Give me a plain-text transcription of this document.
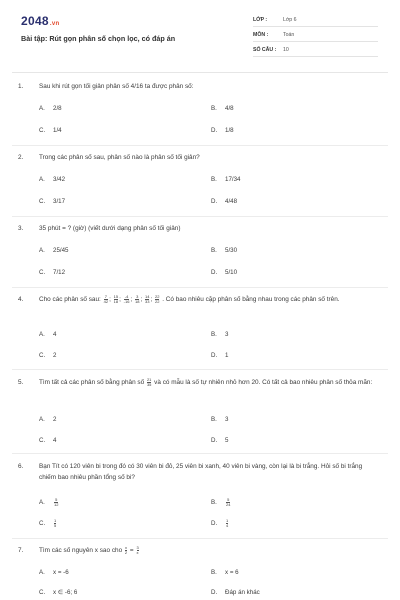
2048.vn
Bài tập: Rút gọn phân số chọn lọc, có đáp án
LỚP :	Lớp 6
MÔN :	Toán
SỐ CÂU : 10
1.	Sau khi rút gọn tối giản phân số 4/16 ta được phân số:
A. 2/8	B. 4/8
C. 1/4	D. 1/8
2.	Trong các phân số sau, phân số nào là phân số tối giản?
A. 3/42	B. 17/34
C. 3/17	D. 4/48
3.	35 phút = ? (giờ) (viết dưới dạng phân số tối giản)
A. 25/45	B. 5/30
C. 7/12	D. 5/10
4.	Cho các phân số sau: $\frac{7}{42}$ ; $\frac{15}{18}$ ; $\frac{-4}{-16}$ ; $\frac{3}{18}$ ; $\frac{14}{33}$ ; $\frac{22}{22}$ . Có bao nhiêu cặp phân số bằng nhau trong các phân số trên.
A. 4	B. 3
C. 2	D. 1
5.	Tìm tất cả các phân số bằng phân số $\frac{21}{35}$ và có mẫu là số tự nhiên nhỏ hơn 20. Có tất cả bao nhiêu phân số thỏa mãn:
A. 2	B. 3
C. 4	D. 5
6.	Bạn Tít có 120 viên bi trong đó có 30 viên bi đỏ, 25 viên bi xanh, 40 viên bi vàng, còn lại là bi trắng. Hỏi số bi trắng chiếm bao nhiêu phần tổng số bi?
A. $\frac{5}{12}$	B. $\frac{5}{24}$
C. $\frac{1}{5}$	D. $\frac{1}{4}$
7.	Tìm các số nguyên x sao cho $\frac{x}{2} = \frac{3}{x}$
A. x = -6	B. x = 6
C. x ∈ -6; 6	D. Đáp án khác
